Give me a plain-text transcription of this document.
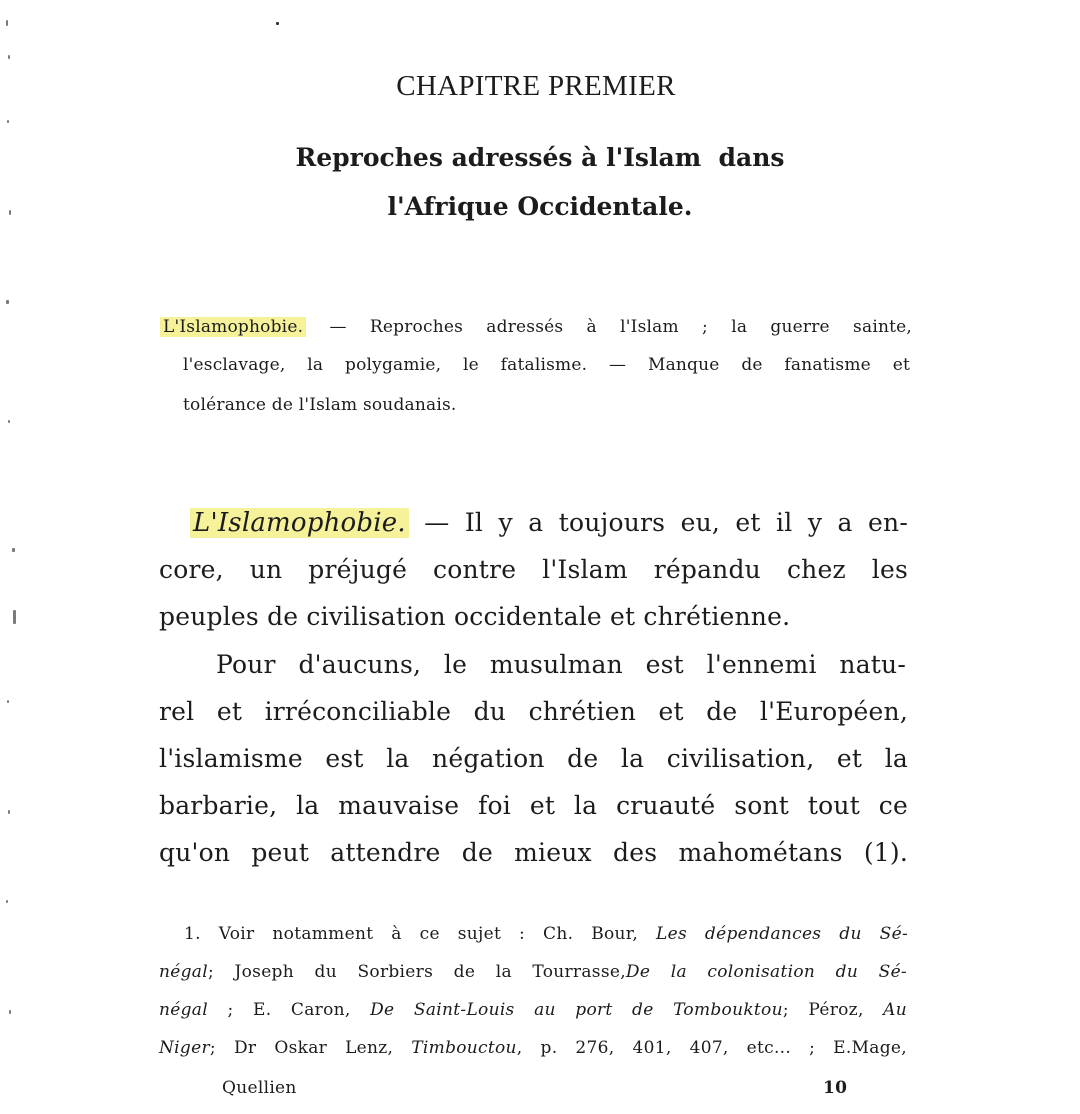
CHAPITRE PREMIER
Reproches adressés à l'Islam  dans
l'Afrique Occidentale.
L'Islamophobie. — Reproches adressés à l'Islam ; la guerre sainte,
l'esclavage, la polygamie, le fatalisme. — Manque de fanatisme et
tolérance de l'Islam soudanais.
L'Islamophobie. — Il y a toujours eu, et il y a en-
core, un préjugé contre l'Islam répandu chez les
peuples de civilisation occidentale et chrétienne.
Pour d'aucuns, le musulman est l'ennemi natu-
rel et irréconciliable du chrétien et de l'Européen,
l'islamisme est la négation de la civilisation, et la
barbarie, la mauvaise foi et la cruauté sont tout ce
qu'on peut attendre de mieux des mahométans (1).
1. Voir notamment à ce sujet : Ch. Bour, Les dépendances du Sé-
négal; Joseph du Sorbiers de la Tourrasse,De la colonisation du Sé-
négal ; E. Caron, De Saint-Louis au port de Tombouktou; Péroz, Au
Niger; Dr Oskar Lenz, Timbouctou, p. 276, 401, 407, etc... ; E.Mage,
Quellien	10
